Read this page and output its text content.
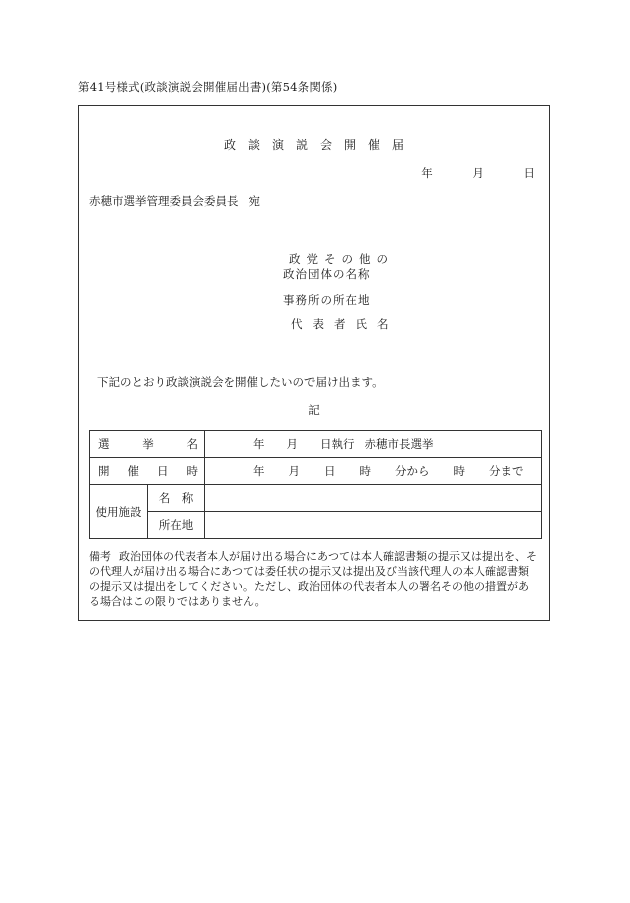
第41号様式(政談演説会開催届出書)(第54条関係)
政談演説会開催届
年	月	日
赤穂市選挙管理委員会委員長 宛
政党その他の
政治団体の名称
事務所の所在地
代表者氏名
下記のとおり政談演説会を開催したいので届け出ます。
記
選挙名		年 月 日執行 赤穂市長選挙
開催日時		年 月 日 時 分から 時 分まで
使用施設	名　称	
	所在地	
備考 政治団体の代表者本人が届け出る場合にあつては本人確認書類の提示又は提出を、その代理人が届け出る場合にあつては委任状の提示又は提出及び当該代理人の本人確認書類の提示又は提出をしてください。ただし、政治団体の代表者本人の署名その他の措置がある場合はこの限りではありません。
